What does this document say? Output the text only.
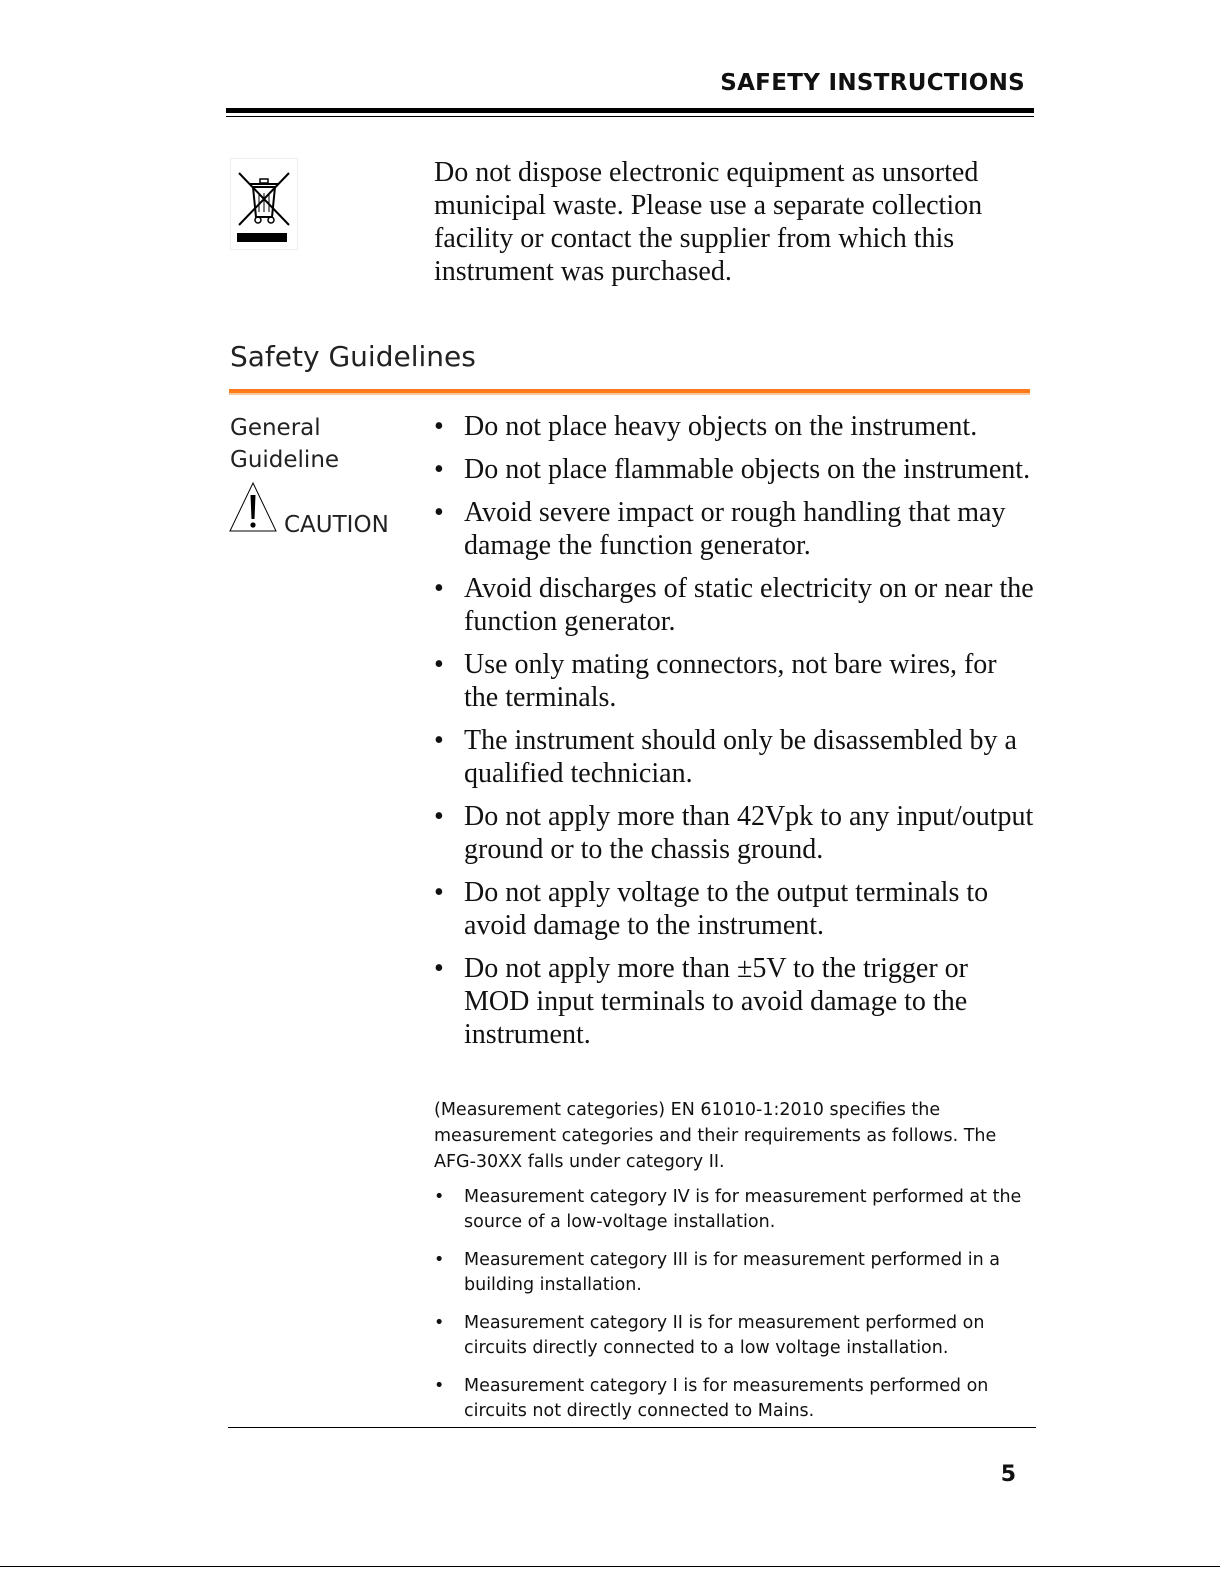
SAFETY INSTRUCTIONS
Do not dispose electronic equipment as unsorted municipal waste. Please use a separate collection facility or contact the supplier from which this instrument was purchased.
Safety Guidelines
General
Guideline
CAUTION
• Do not place heavy objects on the instrument.
• Do not place flammable objects on the instrument.
• Avoid severe impact or rough handling that may damage the function generator.
• Avoid discharges of static electricity on or near the function generator.
• Use only mating connectors, not bare wires, for the terminals.
• The instrument should only be disassembled by a qualified technician.
• Do not apply more than 42Vpk to any input/output ground or to the chassis ground.
• Do not apply voltage to the output terminals to avoid damage to the instrument.
• Do not apply more than ±5V to the trigger or MOD input terminals to avoid damage to the instrument.
(Measurement categories) EN 61010-1:2010 specifies the measurement categories and their requirements as follows. The AFG-30XX falls under category II.
• Measurement category IV is for measurement performed at the source of a low-voltage installation.
• Measurement category III is for measurement performed in a building installation.
• Measurement category II is for measurement performed on circuits directly connected to a low voltage installation.
• Measurement category I is for measurements performed on circuits not directly connected to Mains.
5
